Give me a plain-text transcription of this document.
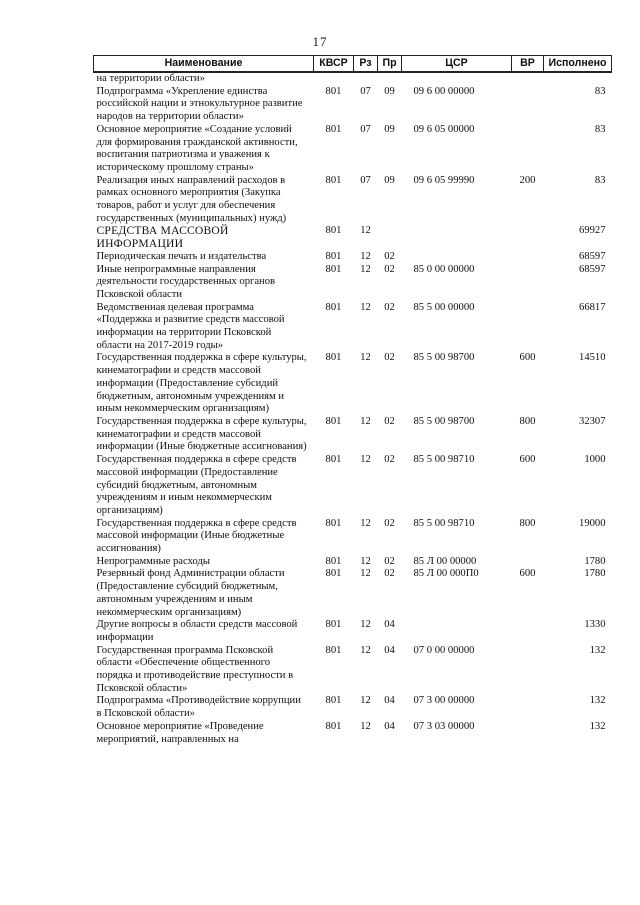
17
Наименование	КВСР	Рз	Пр	ЦСР	ВР	Исполнено
на территории области»						
Подпрограмма «Укрепление единства российской нации и этнокультурное развитие народов на территории области»	801	07	09	09 6 00 00000		83
Основное мероприятие «Создание условий для формирования гражданской активности, воспитания патриотизма и уважения к историческому прошлому страны»	801	07	09	09 6 05 00000		83
Реализация иных направлений расходов в рамках основного мероприятия (Закупка товаров, работ и услуг для обеспечения государственных (муниципальных) нужд)	801	07	09	09 6 05 99990	200	83
СРЕДСТВА МАССОВОЙ ИНФОРМАЦИИ	801	12				69927
Периодическая печать и издательства	801	12	02			68597
Иные непрограммные направления деятельности государственных органов Псковской области	801	12	02	85 0 00 00000		68597
Ведомственная целевая программа «Поддержка и развитие средств массовой информации на территории Псковской области на 2017-2019 годы»	801	12	02	85 5 00 00000		66817
Государственная поддержка в сфере культуры, кинематографии и средств массовой информации (Предоставление субсидий бюджетным, автономным учреждениям и иным некоммерческим организациям)	801	12	02	85 5 00 98700	600	14510
Государственная поддержка в сфере культуры, кинематографии и средств массовой информации (Иные бюджетные ассигнования)	801	12	02	85 5 00 98700	800	32307
Государственная поддержка в сфере средств массовой информации (Предоставление субсидий бюджетным, автономным учреждениям и иным некоммерческим организациям)	801	12	02	85 5 00 98710	600	1000
Государственная поддержка в сфере средств массовой информации (Иные бюджетные ассигнования)	801	12	02	85 5 00 98710	800	19000
Непрограммные расходы	801	12	02	85 Л 00 00000		1780
Резервный фонд Администрации области (Предоставление субсидий бюджетным, автономным учреждениям и иным некоммерческим организациям)	801	12	02	85 Л 00 000П0	600	1780
Другие вопросы в области средств массовой информации	801	12	04			1330
Государственная программа Псковской области «Обеспечение общественного порядка и противодействие преступности в Псковской области»	801	12	04	07 0 00 00000		132
Подпрограмма «Противодействие коррупции в Псковской области»	801	12	04	07 3 00 00000		132
Основное мероприятие «Проведение мероприятий, направленных на	801	12	04	07 3 03 00000		132
